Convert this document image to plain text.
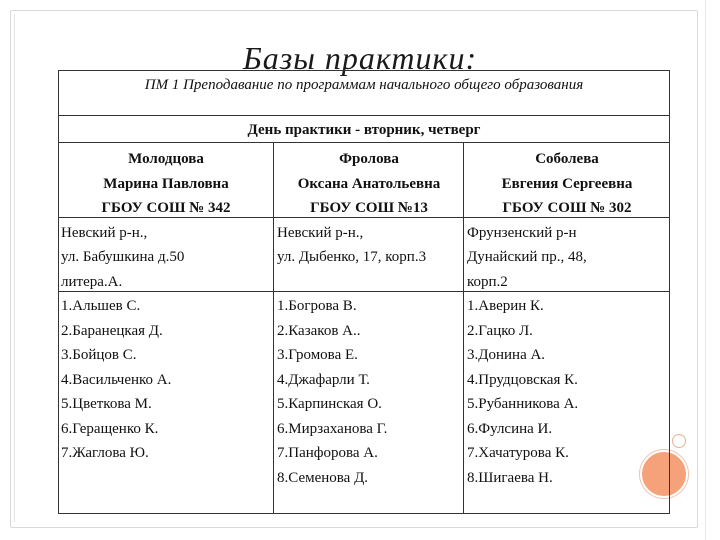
Базы практики:
ПМ 1 Преподавание по программам начального общего образования
День практики - вторник, четверг
Молодцова
Марина Павловна
ГБОУ СОШ № 342
Невский р-н.,
ул. Бабушкина д.50
литера.А.
1.Альшев С.
2.Баранецкая Д.
3.Бойцов С.
4.Васильченко А.
5.Цветкова М.
6.Геращенко К.
7.Жаглова Ю.
Фролова
Оксана Анатольевна
ГБОУ СОШ №13
Невский р-н.,
ул. Дыбенко, 17, корп.3

1.Богрова В.
2.Казаков А..
3.Громова Е.
4.Джафарли Т.
5.Карпинская О.
6.Мирзаханова Г.
7.Панфорова А.
8.Семенова Д.
Соболева
Евгения Сергеевна
ГБОУ СОШ № 302
Фрунзенский р-н
Дунайский пр., 48,
корп.2
1.Аверин К.
2.Гацко Л.
3.Донина А.
4.Прудцовская К.
5.Рубанникова А.
6.Фулсина И.
7.Хачатурова К.
8.Шигаева Н.
